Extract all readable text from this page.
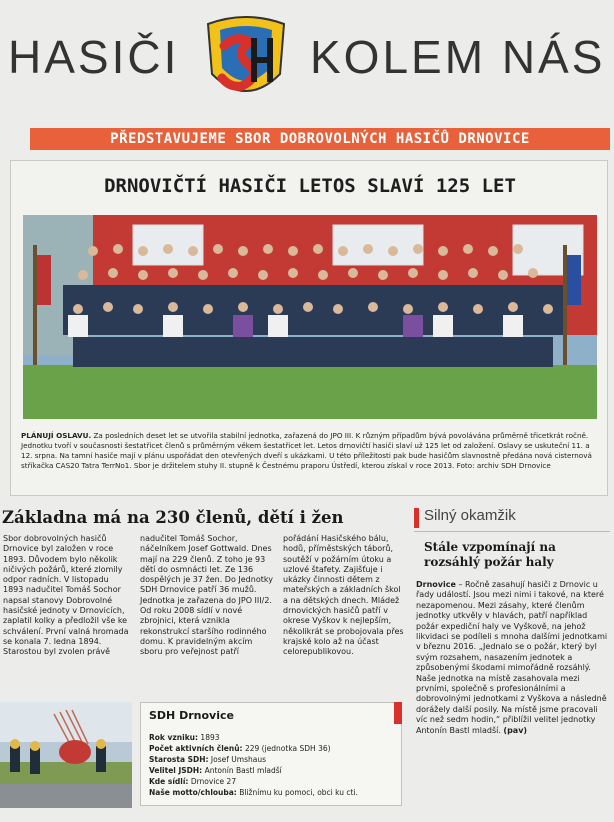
HASIČI	KOLEM NÁS
PŘEDSTAVUJEME SBOR DOBROVOLNÝCH HASIČŮ DRNOVICE
DRNOVIČTÍ HASIČI LETOS SLAVÍ 125 LET
PLÁNUJÍ OSLAVU. Za posledních deset let se utvořila stabilní jednotka, zařazená do JPO III. K různým případům bývá povolávána průměrně třicetkrát ročně. Jednotku tvoří v současnosti šestatřicet členů s průměrným věkem šestatřicet let. Letos drnovičtí hasiči slaví už 125 let od založení. Oslavy se uskuteční 11. a 12. srpna. Na tamní hasiče mají v plánu uspořádat den otevřených dveří s ukázkami. U této příležitosti pak bude hasičům slavnostně předána nová cisternová stříkačka CAS20 Tatra TerrNo1. Sbor je držitelem stuhy II. stupně k Čestnému praporu Ústředí, kterou získal v roce 2013. Foto: archiv SDH Drnovice
Základna má na 230 členů, dětí i žen
Sbor dobrovolných hasičů Drnovice byl založen v roce 1893. Důvodem bylo několik ničivých požárů, které zlomily odpor radních. V listopadu 1893 nadučitel Tomáš Sochor napsal stanovy Dobrovolné hasičské jednoty v Drnovicích, zaplatil kolky a předložil vše ke schválení. První valná hromada se konala 7. ledna 1894. Starostou byl zvolen právě
nadučitel Tomáš Sochor, náčelníkem Josef Gottwald. Dnes mají na 229 členů. Z toho je 93 dětí do osmnácti let. Ze 136 dospělých je 37 žen. Do Jednotky SDH Drnovice patří 36 mužů. Jednotka je zařazena do JPO III/2. Od roku 2008 sídlí v nové zbrojnici, která vznikla rekonstrukcí staršího rodinného domu. K pravidelným akcím sboru pro veřejnost patří
pořádání Hasičského bálu, hodů, příměstských táborů, soutěží v požárním útoku a uzlové štafety. Zajišťuje i ukázky činnosti dětem z mateřských a základních škol a na dětských dnech. Mládež drnovických hasičů patří v okrese Vyškov k nejlepším, několikrát se probojovala přes krajské kolo až na účast celorepublikovou.
SDH Drnovice
Rok vzniku: 1893
Počet aktivních členů: 229 (jednotka SDH 36)
Starosta SDH: Josef Umshaus
Velitel JSDH: Antonín Bastl mladší
Kde sídlí: Drnovice 27
Naše motto/chlouba: Bližnímu ku pomoci, obci ku cti.
Silný okamžik
Stále vzpomínají na rozsáhlý požár haly
Drnovice – Ročně zasahují hasiči z Drnovic u řady událostí. Jsou mezi nimi i takové, na které nezapomenou. Mezi zásahy, které členům jednotky utkvěly v hlavách, patří například požár expediční haly ve Vyškově, na jehož likvidaci se podíleli s mnoha dalšími jednotkami v březnu 2016. „Jednalo se o požár, který byl svým rozsahem, nasazením jednotek a způsobenými škodami mimořádně rozsáhlý. Naše jednotka na místě zasahovala mezi prvními, společně s profesionálními a dobrovolnými jednotkami z Vyškova a následně dorážely další posily. Na místě jsme pracovali víc než sedm hodin,“ přiblížil velitel jednotky Antonín Bastl mladší. (pav)
